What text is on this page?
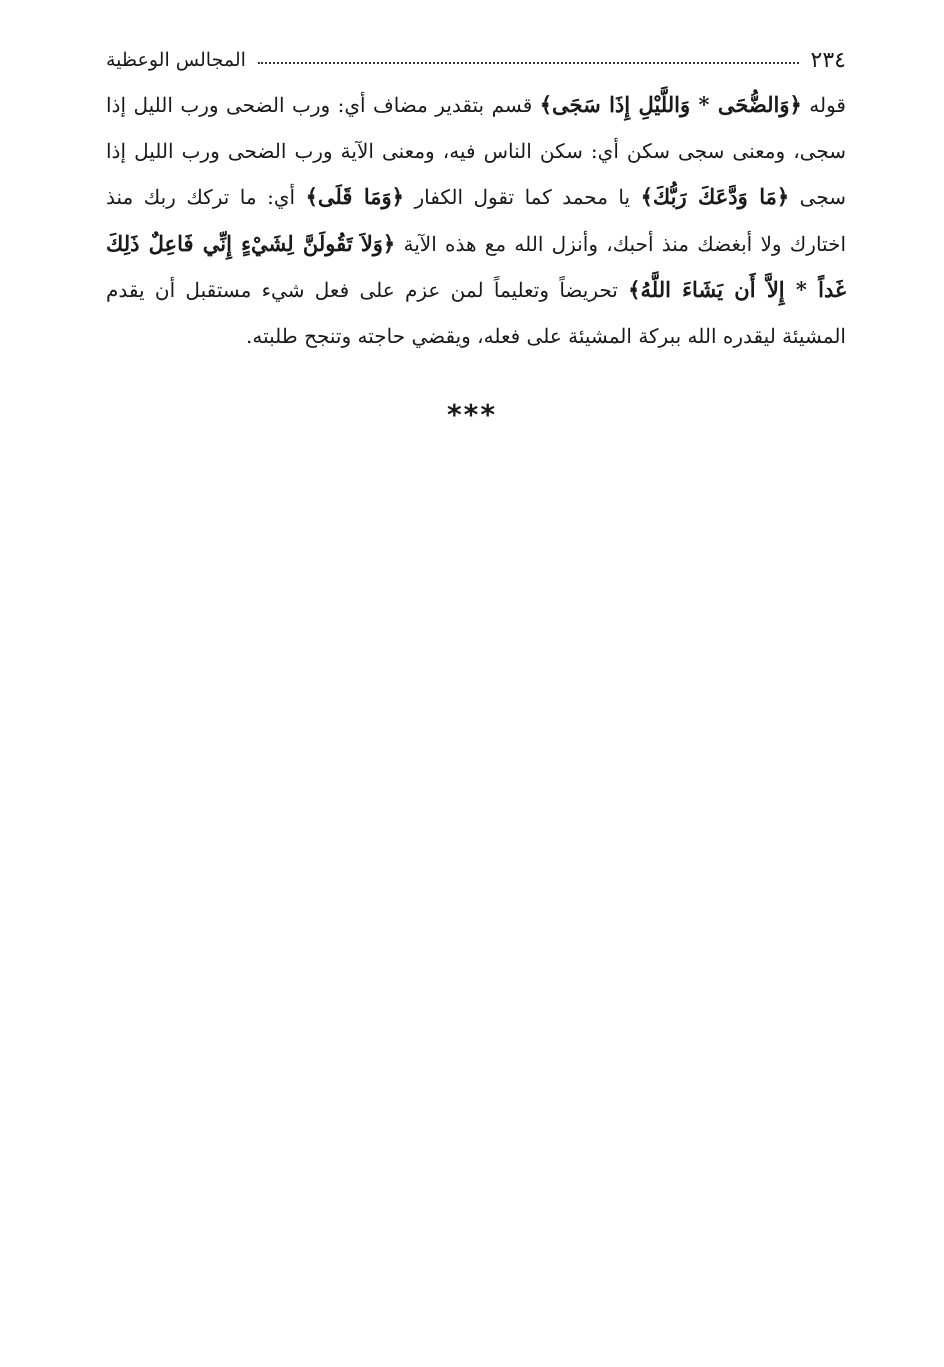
٢٣٤
المجالس الوعظية
قوله ﴿وَالضُّحَى * وَاللَّيْلِ إِذَا سَجَى﴾ قسم بتقدير مضاف أي: ورب الضحى ورب الليل إذا سجى، ومعنى سجى سكن أي: سكن الناس فيه، ومعنى الآية ورب الضحى ورب الليل إذا سجى ﴿مَا وَدَّعَكَ رَبُّكَ﴾ يا محمد كما تقول الكفار ﴿وَمَا قَلَى﴾ أي: ما تركك ربك منذ اختارك ولا أبغضك منذ أحبك، وأنزل الله مع هذه الآية ﴿وَلاَ تَقُولَنَّ لِشَيْءٍ إِنِّي فَاعِلٌ ذَلِكَ غَداً * إِلاَّ أَن يَشَاءَ اللَّهُ﴾ تحريضاً وتعليماً لمن عزم على فعل شيء مستقبل أن يقدم المشيئة ليقدره الله ببركة المشيئة على فعله، ويقضي حاجته وتنجح طلبته.
***
